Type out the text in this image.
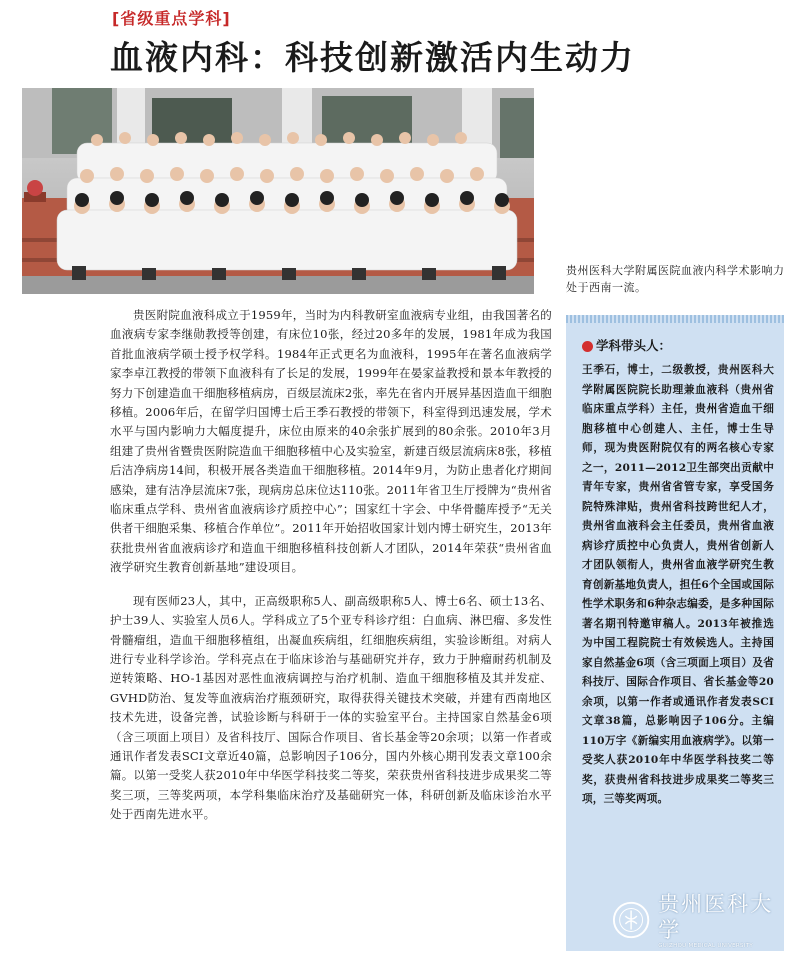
[省级重点学科]
血液内科：科技创新激活内生动力
贵州医科大学附属医院血液内科学术影响力处于西南一流。

贵医附院血液科成立于1959年，当时为内科教研室血液病专业组，由我国著名的血液病专家李继勋教授等创建，有床位10张，经过20多年的发展，1981年成为我国首批血液病学硕士授予权学科。1984年正式更名为血液科，1995年在著名血液病学家李卓江教授的带领下血液科有了长足的发展，1999年在晏家益教授和景本年教授的努力下创建造血干细胞移植病房，百级层流床2张，率先在省内开展异基因造血干细胞移植。2006年后，在留学归国博士后王季石教授的带领下，科室得到迅速发展，学术水平与国内影响力大幅度提升，床位由原来的40余张扩展到的80余张。2010年3月组建了贵州省暨贵医附院造血干细胞移植中心及实验室，新建百级层流病床8张，移植后洁净病房14间，积极开展各类造血干细胞移植。2014年9月，为防止患者化疗期间感染，建有洁净层流床7张，现病房总床位达110张。2011年省卫生厅授牌为“贵州省临床重点学科、贵州省血液病诊疗质控中心”；国家红十字会、中华骨髓库授予“无关供者干细胞采集、移植合作单位”。2011年开始招收国家计划内博士研究生，2013年获批贵州省血液病诊疗和造血干细胞移植科技创新人才团队，2014年荣获“贵州省血液学研究生教育创新基地”建设项目。

现有医师23人，其中，正高级职称5人、副高级职称5人、博士6名、硕士13名、护士39人、实验室人员6人。学科成立了5个亚专科诊疗组：白血病、淋巴瘤、多发性骨髓瘤组，造血干细胞移植组，出凝血疾病组，红细胞疾病组，实验诊断组。对病人进行专业科学诊治。学科亮点在于临床诊治与基础研究并存，致力于肿瘤耐药机制及逆转策略、HO-1基因对恶性血液病调控与治疗机制、造血干细胞移植及其并发症、GVHD防治、复发等血液病治疗瓶颈研究，取得获得关键技术突破，并建有西南地区技术先进，设备完善，试验诊断与科研于一体的实验室平台。主持国家自然基金6项（含三项面上项目）及省科技厅、国际合作项目、省长基金等20余项；以第一作者或通讯作者发表SCI文章近40篇，总影响因子106分，国内外核心期刊发表文章100余篇。以第一受奖人获2010年中华医学科技奖二等奖，荣获贵州省科技进步成果奖二等奖三项，三等奖两项，本学科集临床治疗及基础研究一体，科研创新及临床诊治水平处于西南先进水平。

学科带头人：
王季石，博士，二级教授，贵州医科大学附属医院院长助理兼血液科（贵州省临床重点学科）主任，贵州省造血干细胞移植中心创建人、主任，博士生导师，现为贵医附院仅有的两名核心专家之一，2011—2012卫生部突出贡献中青年专家，贵州省省管专家，享受国务院特殊津贴，贵州省科技跨世纪人才，贵州省血液科会主任委员，贵州省血液病诊疗质控中心负责人，贵州省创新人才团队领衔人，贵州省血液学研究生教育创新基地负责人，担任6个全国或国际性学术职务和6种杂志编委，是多种国际著名期刊特邀审稿人。2013年被推选为中国工程院院士有效候选人。主持国家自然基金6项（含三项面上项目）及省科技厅、国际合作项目、省长基金等20余项，以第一作者或通讯作者发表SCI文章38篇，总影响因子106分。主编110万字《新编实用血液病学》。以第一受奖人获2010年中华医学科技奖二等奖，获贵州省科技进步成果奖二等奖三项，三等奖两项。
贵州医科大学
GUIZHOU MEDICAL UNIVERSITY
